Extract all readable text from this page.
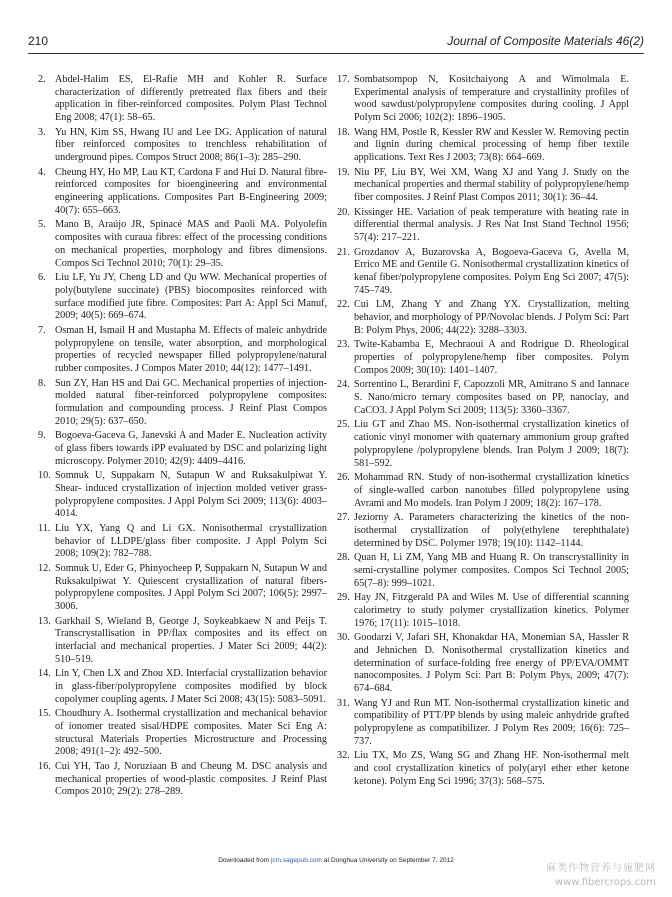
210	Journal of Composite Materials 46(2)
2. Abdel-Halim ES, El-Rafie MH and Kohler R. Surface characterization of differently pretreated flax fibers and their application in fiber-reinforced composites. Polym Plast Technol Eng 2008; 47(1): 58–65.
3. Yu HN, Kim SS, Hwang IU and Lee DG. Application of natural fiber reinforced composites to trenchless rehabilitation of underground pipes. Compos Struct 2008; 86(1–3): 285–290.
4. Cheung HY, Ho MP, Lau KT, Cardona F and Hui D. Natural fibre-reinforced composites for bioengineering and environmental engineering applications. Composites Part B-Engineering 2009; 40(7): 655–663.
5. Mano B, Araújo JR, Spinacé MAS and Paoli MA. Polyolefin composites with curaua fibres: effect of the processing conditions on mechanical properties, morphology and fibres dimensions. Compos Sci Technol 2010; 70(1): 29–35.
6. Liu LF, Yu JY, Cheng LD and Qu WW. Mechanical properties of poly(butylene succinate) (PBS) biocomposites reinforced with surface modified jute fibre. Composites: Part A: Appl Sci Manuf, 2009; 40(5): 669–674.
7. Osman H, Ismail H and Mustapha M. Effects of maleic anhydride polypropylene on tensile, water absorption, and morphological properties of recycled newspaper filled polypropylene/natural rubber composites. J Compos Mater 2010; 44(12): 1477–1491.
8. Sun ZY, Han HS and Dai GC. Mechanical properties of injection- molded natural fiber-reinforced polypropylene composites: formulation and compounding process. J Reinf Plast Compos 2010; 29(5): 637–650.
9. Bogoeva-Gaceva G, Janevski A and Mader E. Nucleation activity of glass fibers towards iPP evaluated by DSC and polarizing light microscopy. Polymer 2010; 42(9): 4409–4416.
10. Somnuk U, Suppakarn N, Sutapun W and Ruksakulpiwat Y. Shear- induced crystallization of injection molded vetiver grass-polypropylene composites. J Appl Polym Sci 2009; 113(6): 4003–4014.
11. Liu YX, Yang Q and Li GX. Nonisothermal crystallization behavior of LLDPE/glass fiber composite. J Appl Polym Sci 2008; 109(2): 782–788.
12. Somnuk U, Eder G, Phinyocheep P, Suppakarn N, Sutapun W and Ruksakulpiwat Y. Quiescent crystallization of natural fibers-polypropylene composites. J Appl Polym Sci 2007; 106(5): 2997–3006.
13. Garkhail S, Wieland B, George J, Soykeabkaew N and Peijs T. Transcrystallisation in PP/flax composites and its effect on interfacial and mechanical properties. J Mater Sci 2009; 44(2): 510–519.
14. Lin Y, Chen LX and Zhou XD. Interfacial crystallization behavior in glass-fiber/polypropylene composites modified by block copolymer coupling agents. J Mater Sci 2008; 43(15): 5083–5091.
15. Choudhury A. Isothermal crystallization and mechanical behavior of ionomer treated sisal/HDPE composites. Mater Sci Eng A: structural Materials Properties Microstructure and Processing 2008; 491(1–2): 492–500.
16. Cui YH, Tao J, Noruziaan B and Cheung M. DSC analysis and mechanical properties of wood-plastic composites. J Reinf Plast Compos 2010; 29(2): 278–289.
17. Sombatsompop N, Kositchaiyong A and Wimolmala E. Experimental analysis of temperature and crystallinity profiles of wood sawdust/polypropylene composites during cooling. J Appl Polym Sci 2006; 102(2): 1896–1905.
18. Wang HM, Postle R, Kessler RW and Kessler W. Removing pectin and lignin during chemical processing of hemp fiber textile applications. Text Res J 2003; 73(8): 664–669.
19. Niu PF, Liu BY, Wei XM, Wang XJ and Yang J. Study on the mechanical properties and thermal stability of polypropylene/hemp fiber composites. J Reinf Plast Compos 2011; 30(1): 36–44.
20. Kissinger HE. Variation of peak temperature with heating rate in differential thermal analysis. J Res Nat Inst Stand Technol 1956; 57(4): 217–221.
21. Grozdanov A, Buzarovska A, Bogoeva-Gaceva G, Avella M, Errico ME and Gentile G. Nonisothermal crystallization kinetics of kenaf fiber/polypropylene composites. Polym Eng Sci 2007; 47(5): 745–749.
22. Cui LM, Zhang Y and Zhang YX. Crystallization, melting behavior, and morphology of PP/Novolac blends. J Polym Sci: Part B: Polym Phys, 2006; 44(22): 3288–3303.
23. Twite-Kabamba E, Mechraoui A and Rodrigue D. Rheological properties of polypropylene/hemp fiber composites. Polym Compos 2009; 30(10): 1401–1407.
24. Sorrentino L, Berardini F, Capozzoli MR, Amitrano S and Iannace S. Nano/micro ternary composites based on PP, nanoclay, and CaCO3. J Appl Polym Sci 2009; 113(5): 3360–3367.
25. Liu GT and Zhao MS. Non-isothermal crystallization kinetics of cationic vinyl monomer with quaternary ammonium group grafted polypropylene /polypropylene blends. Iran Polym J 2009; 18(7): 581–592.
26. Mohammad RN. Study of non-isothermal crystallization kinetics of single-walled carbon nanotubes filled polypropylene using Avrami and Mo models. Iran Polym J 2009; 18(2): 167–178.
27. Jeziorny A. Parameters characterizing the kinetics of the non-isothermal crystallization of poly(ethylene terephthalate) determined by DSC. Polymer 1978; 19(10): 1142–1144.
28. Quan H, Li ZM, Yang MB and Huang R. On transcrystallinity in semi-crystalline polymer composites. Compos Sci Technol 2005; 65(7–8): 999–1021.
29. Hay JN, Fitzgerald PA and Wiles M. Use of differential scanning calorimetry to study polymer crystallization kinetics. Polymer 1976; 17(11): 1015–1018.
30. Goodarzi V, Jafari SH, Khonakdar HA, Monemian SA, Hassler R and Jehnichen D. Nonisothermal crystallization kinetics and determination of surface-folding free energy of PP/EVA/OMMT nanocomposites. J Polym Sci: Part B: Polym Phys, 2009; 47(7): 674–684.
31. Wang YJ and Run MT. Non-isothermal crystallization kinetic and compatibility of PTT/PP blends by using maleic anhydride grafted polypropylene as compatibilizer. J Polym Res 2009; 16(6): 725–737.
32. Liu TX, Mo ZS, Wang SG and Zhang HF. Non-isothermal melt and cool crystallization kinetics of poly(aryl ether ether ketone ketone). Polym Eng Sci 1996; 37(3): 568–575.
Downloaded from jcm.sagepub.com at Donghua University on September 7, 2012
麻类作物营养与施肥网
www.fibercrops.com
